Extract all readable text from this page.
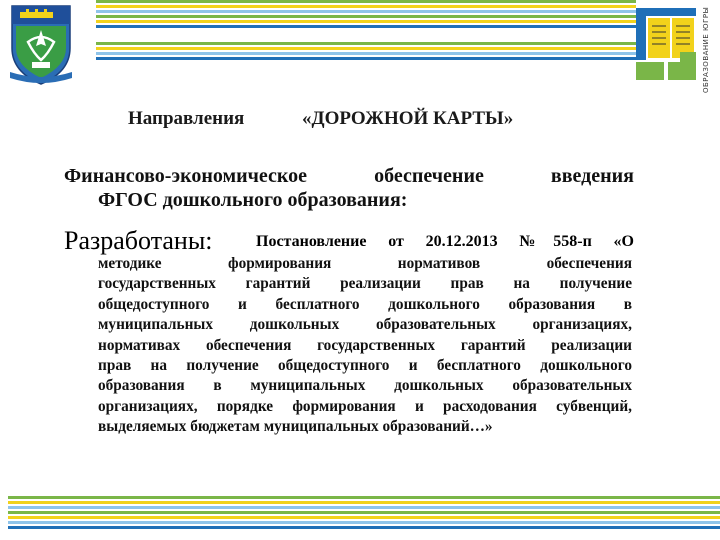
ОБРАЗОВАНИЕ ЮГРЫ
Направления	«ДОРОЖНОЙ КАРТЫ»
Финансово-экономическое обеспечение введения
ФГОС дошкольного образования:
Разработаны:	Постановление от 20.12.2013 №558-п «О
методике формирования нормативов обеспечения
государственных гарантий реализации прав на получение
общедоступного и бесплатного дошкольного образования в
муниципальных дошкольных образовательных организациях,
нормативах обеспечения государственных гарантий реализации
прав на получение общедоступного и бесплатного дошкольного
образования в муниципальных дошкольных образовательных
организациях, порядке формирования и расходования субвенций,
выделяемых бюджетам муниципальных образований…»
